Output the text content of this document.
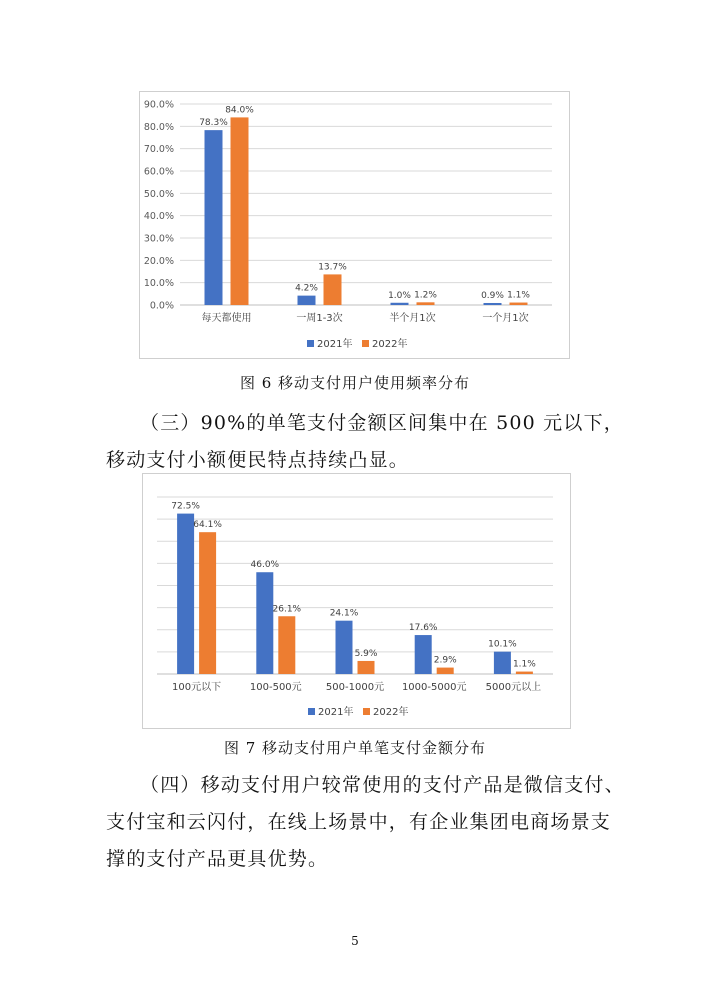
90.0%
80.0%
70.0%
60.0%
50.0%
40.0%
30.0%
20.0%
10.0%
0.0%
每天都使用
78.3%
84.0%
一周1-3次
4.2%
13.7%
半个月1次
1.0% 1.2%
一个月1次
0.9% 1.1%
2021年 2022年
图 6 移动支付用户使用频率分布
（三）90%的单笔支付金额区间集中在 500 元以下，移动支付小额便民特点持续凸显。
100元以下
72.5%
64.1%
100-500元
46.0%
26.1%
500-1000元
24.1%
5.9%
1000-5000元
17.6%
2.9%
5000元以上
10.1%
1.1%
2021年 2022年
图 7 移动支付用户单笔支付金额分布
（四）移动支付用户较常使用的支付产品是微信支付、支付宝和云闪付，在线上场景中，有企业集团电商场景支撑的支付产品更具优势。
5
